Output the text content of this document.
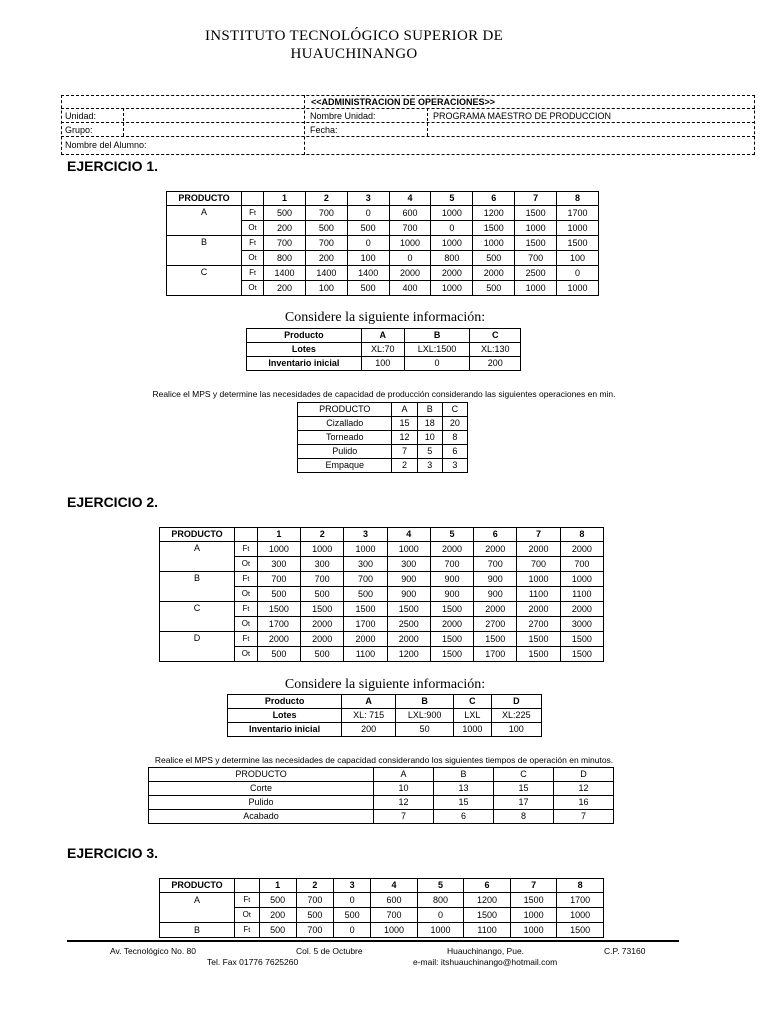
INSTITUTO TECNOLÓGICO SUPERIOR DE
HUAUCHINANGO
<<ADMINISTRACION DE OPERACIONES>>
Unidad:	Nombre Unidad:	PROGRAMA MAESTRO DE PRODUCCION
Grupo:	Fecha:
Nombre del Alumno:
EJERCICIO 1.
PRODUCTO		1	2	3	4	5	6	7	8
A	Ft	500	700	0	600	1000	1200	1500	1700
	Ot	200	500	500	700	0	1500	1000	1000
B	Ft	700	700	0	1000	1000	1000	1500	1500
	Ot	800	200	100	0	800	500	700	100
C	Ft	1400	1400	1400	2000	2000	2000	2500	0
	Ot	200	100	500	400	1000	500	1000	1000
Considere la siguiente información:
Producto	A	B	C
Lotes	XL:70	LXL:1500	XL:130
Inventario inicial	100	0	200
Realice el MPS y determine las necesidades de capacidad de producción considerando las siguientes operaciones en min.
PRODUCTO	A	B	C
Cizallado	15	18	20
Torneado	12	10	8
Pulido	7	5	6
Empaque	2	3	3
EJERCICIO 2.
PRODUCTO		1	2	3	4	5	6	7	8
A	Ft	1000	1000	1000	1000	2000	2000	2000	2000
	Ot	300	300	300	300	700	700	700	700
B	Ft	700	700	700	900	900	900	1000	1000
	Ot	500	500	500	900	900	900	1100	1100
C	Ft	1500	1500	1500	1500	1500	2000	2000	2000
	Ot	1700	2000	1700	2500	2000	2700	2700	3000
D	Ft	2000	2000	2000	2000	1500	1500	1500	1500
	Ot	500	500	1100	1200	1500	1700	1500	1500
Considere la siguiente información:
Producto	A	B	C	D
Lotes	XL: 715	LXL:900	LXL	XL:225
Inventario inicial	200	50	1000	100
Realice el MPS y determine las necesidades de capacidad considerando los siguientes tiempos de operación en minutos.
PRODUCTO	A	B	C	D
Corte	10	13	15	12
Pulido	12	15	17	16
Acabado	7	6	8	7
EJERCICIO 3.
PRODUCTO		1	2	3	4	5	6	7	8
A	Ft	500	700	0	600	800	1200	1500	1700
	Ot	200	500	500	700	0	1500	1000	1000
B	Ft	500	700	0	1000	1000	1100	1000	1500
Av. Tecnológico No. 80	Col. 5 de Octubre	Huauchinango, Pue.	C.P. 73160
Tel. Fax 01776 7625260	e-mail: itshuauchinango@hotmail.com
